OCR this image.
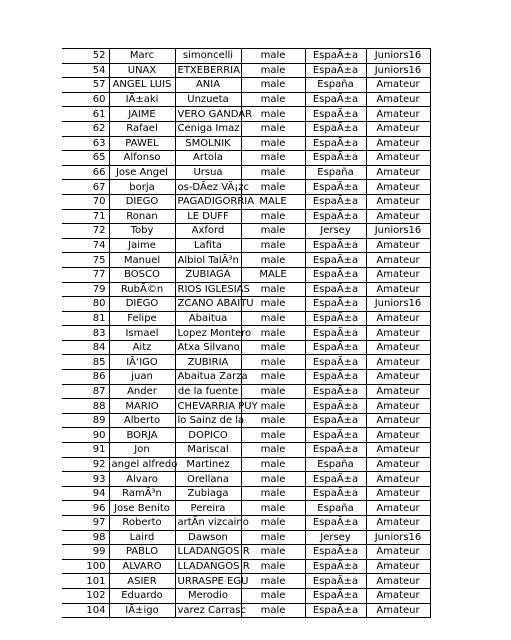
52	Marc	simoncelli	male	EspaÃ±a	Juniors16
54	UNAX	ETXEBERRIA	male	EspaÃ±a	Juniors16
57	ANGEL LUIS	ANIA	male	España	Amateur
60	IÃ±aki	Unzueta	male	EspaÃ±a	Amateur
61	JAIME	VERO GANDAR	male	EspaÃ±a	Amateur
62	Rafael	Ceniga Imaz	male	EspaÃ±a	Amateur
63	PAWEL	SMOLNIK	male	EspaÃ±a	Amateur
65	Alfonso	Artola	male	EspaÃ±a	Amateur
66	Jose Angel	Ursua	male	España	Amateur
67	borja	os-DÃez VÃ¡zc	male	EspaÃ±a	Amateur
70	DIEGO	PAGADIGORRIA	MALE	EspaÃ±a	Amateur
71	Ronan	LE DUFF	male	EspaÃ±a	Amateur
72	Toby	Axford	male	Jersey	Juniors16
74	Jaime	Lafita	male	EspaÃ±a	Amateur
75	Manuel	Albiol TalÃ³n	male	EspaÃ±a	Amateur
77	BOSCO	ZUBIAGA	MALE	EspaÃ±a	Amateur
79	RubÃ©n	RIOS IGLESIAS	male	EspaÃ±a	Amateur
80	DIEGO	ZCANO ABAITU	male	EspaÃ±a	Juniors16
81	Felipe	Abaitua	male	EspaÃ±a	Amateur
83	Ismael	Lopez Montero	male	EspaÃ±a	Amateur
84	Aitz	Atxa Silvano	male	EspaÃ±a	Amateur
85	IÃ‘IGO	ZUBIRIA	male	EspaÃ±a	Amateur
86	juan	Abaitua Zarza	male	EspaÃ±a	Amateur
87	Ander	de la fuente	male	EspaÃ±a	Amateur
88	MARIO	CHEVARRIA PUY	male	EspaÃ±a	Amateur
89	Alberto	lo Sainz de la	male	EspaÃ±a	Amateur
90	BORJA	DOPICO	male	EspaÃ±a	Amateur
91	Jon	Mariscal	male	EspaÃ±a	Amateur
92	angel alfredo	Martinez	male	España	Amateur
93	Alvaro	Orellana	male	EspaÃ±a	Amateur
94	RamÃ³n	Zubiaga	male	EspaÃ±a	Amateur
96	Jose Benito	Pereira	male	España	Amateur
97	Roberto	artÃn vizcaino	male	EspaÃ±a	Amateur
98	Laird	Dawson	male	Jersey	Juniors16
99	PABLO	LLADANGOS R	male	EspaÃ±a	Amateur
100	ALVARO	LLADANGOS R	male	EspaÃ±a	Amateur
101	ASIER	URRASPE EGU	male	EspaÃ±a	Amateur
102	Eduardo	Merodio	male	EspaÃ±a	Amateur
104	IÃ±igo	varez Carrasc	male	EspaÃ±a	Amateur
